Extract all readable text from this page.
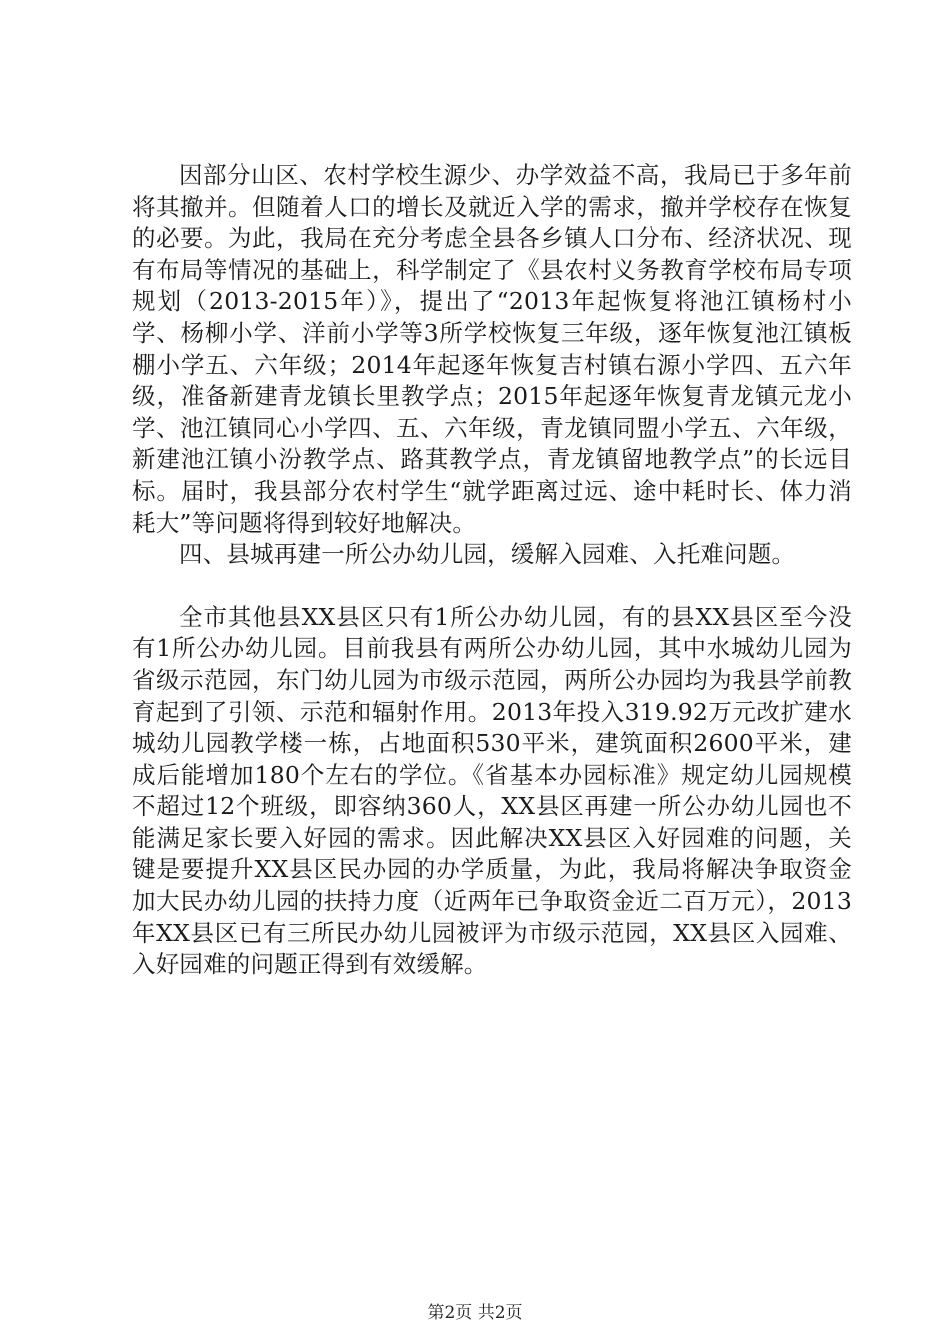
因部分山区、农村学校生源少、办学效益不高，我局已于多年前将其撤并。但随着人口的增长及就近入学的需求，撤并学校存在恢复的必要。为此，我局在充分考虑全县各乡镇人口分布、经济状况、现有布局等情况的基础上，科学制定了《县农村义务教育学校布局专项规划（2013-2015年）》，提出了“2013年起恢复将池江镇杨村小学、杨柳小学、洋前小学等3所学校恢复三年级，逐年恢复池江镇板棚小学五、六年级；2014年起逐年恢复吉村镇右源小学四、五六年级，准备新建青龙镇长里教学点；2015年起逐年恢复青龙镇元龙小学、池江镇同心小学四、五、六年级，青龙镇同盟小学五、六年级，新建池江镇小汾教学点、路萁教学点，青龙镇留地教学点”的长远目标。届时，我县部分农村学生“就学距离过远、途中耗时长、体力消耗大”等问题将得到较好地解决。

四、县城再建一所公办幼儿园，缓解入园难、入托难问题。

全市其他县XX县区只有1所公办幼儿园，有的县XX县区至今没有1所公办幼儿园。目前我县有两所公办幼儿园，其中水城幼儿园为省级示范园，东门幼儿园为市级示范园，两所公办园均为我县学前教育起到了引领、示范和辐射作用。2013年投入319.92万元改扩建水城幼儿园教学楼一栋，占地面积530平米，建筑面积2600平米，建成后能增加180个左右的学位。《省基本办园标准》规定幼儿园规模不超过12个班级，即容纳360人，XX县区再建一所公办幼儿园也不能满足家长要入好园的需求。因此解决XX县区入好园难的问题，关键是要提升XX县区民办园的办学质量，为此，我局将解决争取资金加大民办幼儿园的扶持力度（近两年已争取资金近二百万元），2013年XX县区已有三所民办幼儿园被评为市级示范园，XX县区入园难、入好园难的问题正得到有效缓解。

第2页 共2页
